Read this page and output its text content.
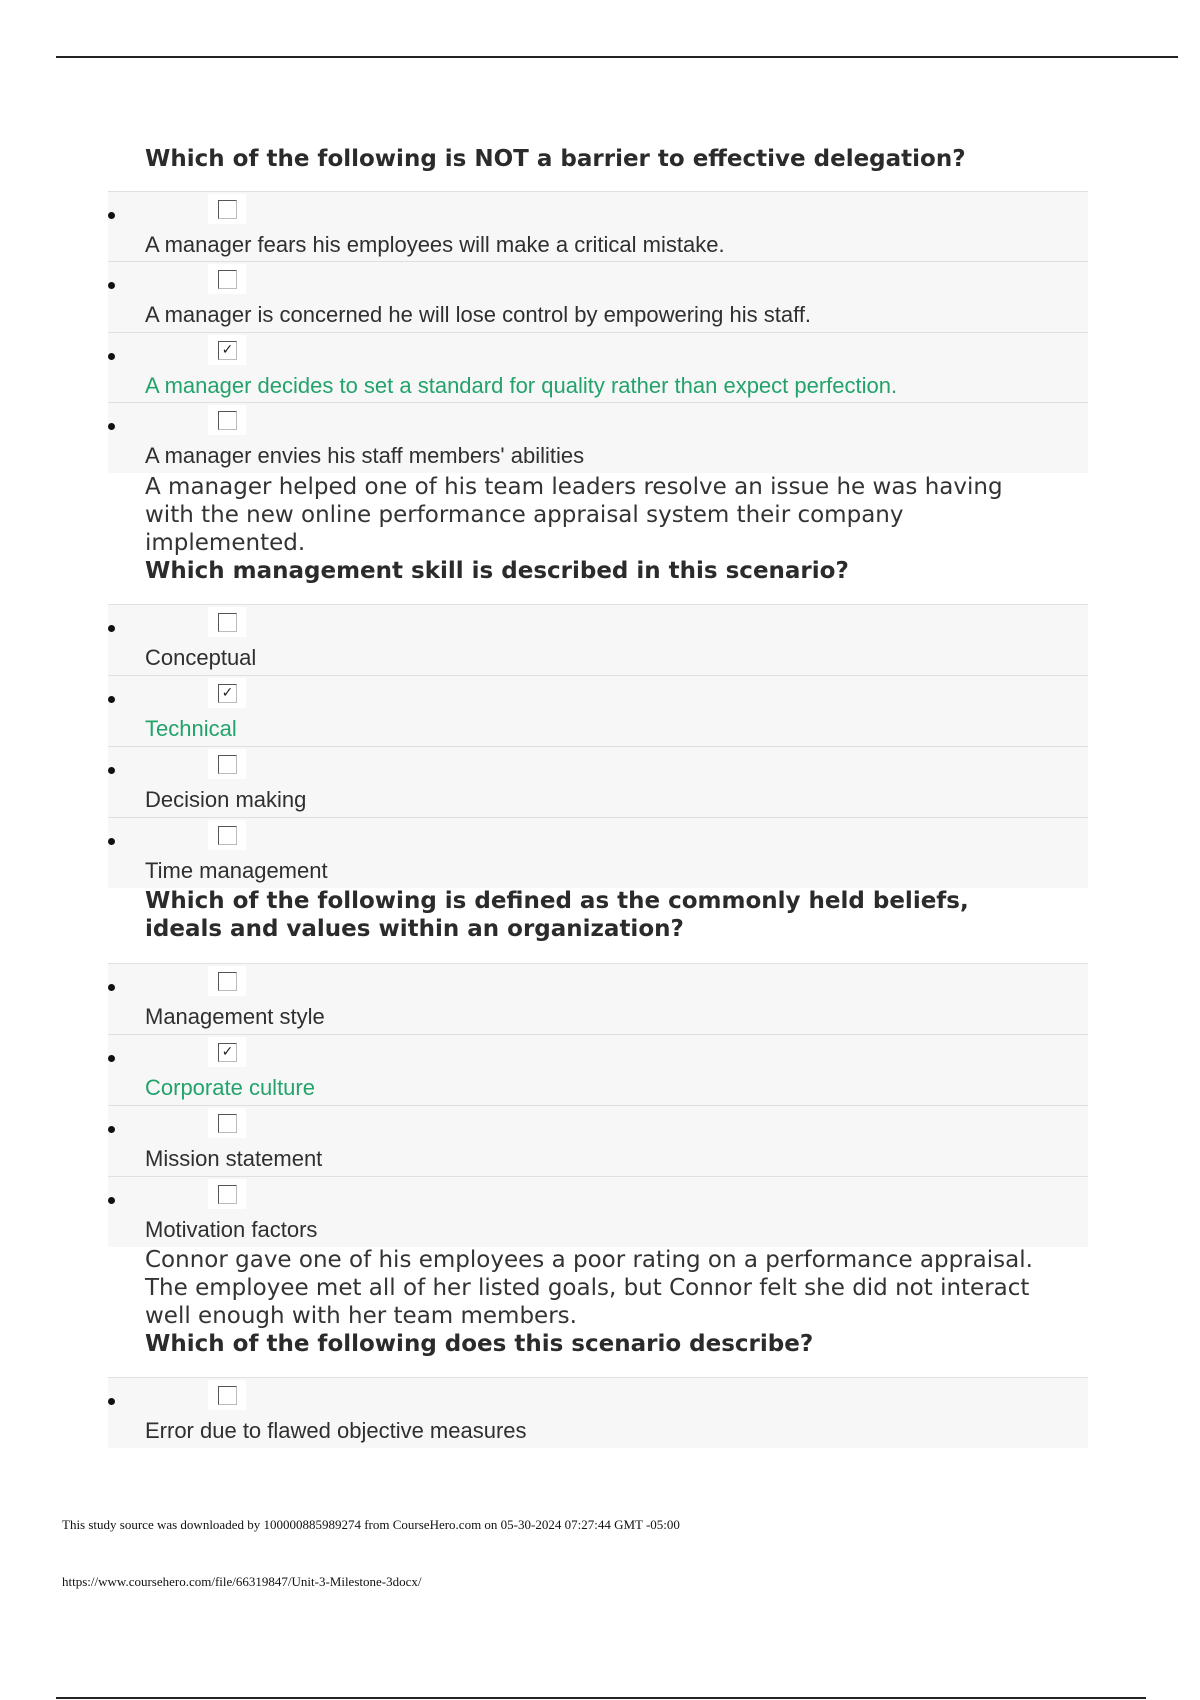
Which of the following is NOT a barrier to effective delegation?
A manager fears his employees will make a critical mistake.
A manager is concerned he will lose control by empowering his staff.
✓
A manager decides to set a standard for quality rather than expect perfection.
A manager envies his staff members' abilities
A manager helped one of his team leaders resolve an issue he was having
with the new online performance appraisal system their company
implemented.
Which management skill is described in this scenario?
Conceptual
✓
Technical
Decision making
Time management
Which of the following is defined as the commonly held beliefs,
ideals and values within an organization?
Management style
✓
Corporate culture
Mission statement
Motivation factors
Connor gave one of his employees a poor rating on a performance appraisal.
The employee met all of her listed goals, but Connor felt she did not interact
well enough with her team members.
Which of the following does this scenario describe?
Error due to flawed objective measures
This study source was downloaded by 100000885989274 from CourseHero.com on 05-30-2024 07:27:44 GMT -05:00
https://www.coursehero.com/file/66319847/Unit-3-Milestone-3docx/
